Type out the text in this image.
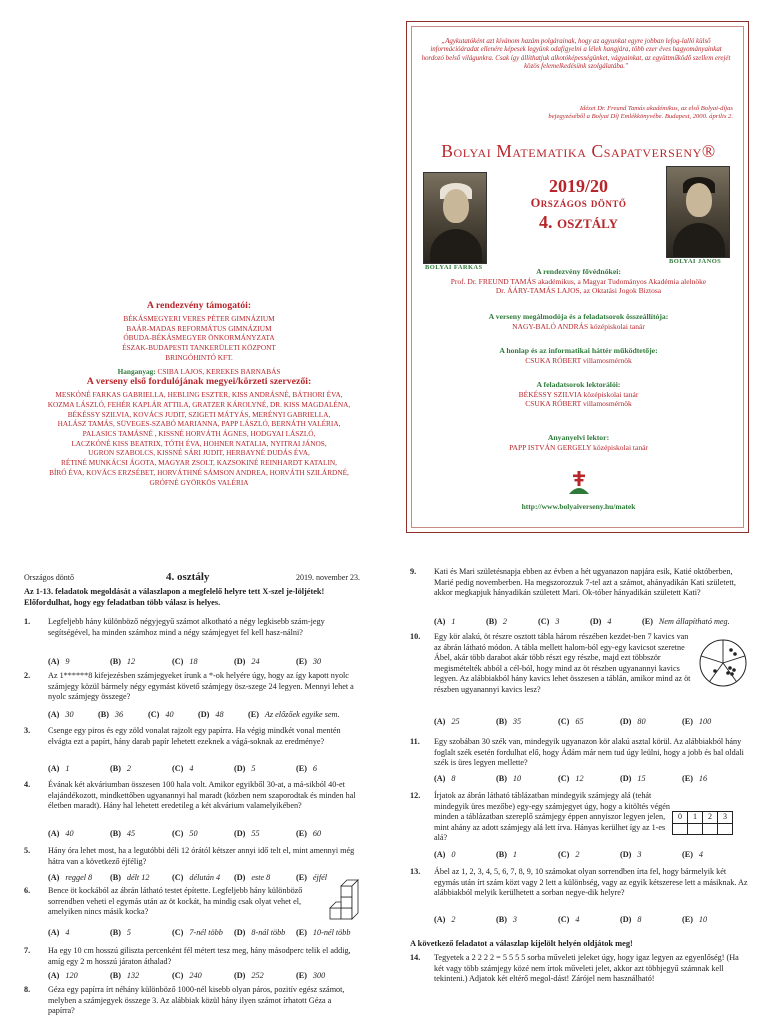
„Agykutatóként azt kívánom hazám polgárainak, hogy az agyunkat egyre jobban lefog-lalló külső információáradat ellenére képesek legyünk odafigyelni a lélek hangjára, több ezer éves hagyományainkat hordozó belső világunkra. Csak így állíthatjuk alkotóképességünket, vágyainkat, az együttműködő szellem erejét közös felemelkedésünk szolgálatába."
Idézet Dr. Freund Tamás akadémikus, az első Bolyai-díjas
bejegyzéséből a Bolyai Díj Emlékkönyvébe. Budapest, 2000. április 2.
Bolyai Matematika Csapatverseny®
BOLYAI FARKAS
2019/20
Országos döntő
4. osztály
BOLYAI JÁNOS
A rendezvény fővédnökei:
Prof. Dr. FREUND TAMÁS akadémikus, a Magyar Tudományos Akadémia alelnöke
Dr. ÁÁRY-TAMÁS LAJOS, az Oktatási Jogok Biztosa
A verseny megálmodója és a feladatsorok összeállítója:
NAGY-BALÓ ANDRÁS középiskolai tanár
A honlap és az informatikai háttér működtetője:
CSUKA RÓBERT villamosmérnök
A feladatsorok lektorálói:
BÉKÉSSY SZILVIA középiskolai tanár
CSUKA RÓBERT villamosmérnök
Anyanyelvi lektor:
PAPP ISTVÁN GERGELY középiskolai tanár
http://www.bolyaiverseny.hu/matek
A rendezvény támogatói:
BÉKÁSMEGYERI VERES PÉTER GIMNÁZIUM
BAÁR-MADAS REFORMÁTUS GIMNÁZIUM
ÓBUDA-BÉKÁSMEGYER ÖNKORMÁNYZATA
ÉSZAK-BUDAPESTI TANKERÜLETI KÖZPONT
BRINGÓHINTÓ KFT.
Hanganyag: CSIBA LAJOS, KEREKES BARNABÁS
A verseny első fordulójának megyei/körzeti szervezői:
MESKÓNÉ FARKAS GABRIELLA, HEBLING ESZTER, KISS ANDRÁSNÉ, BÁTHORI ÉVA,
KOZMA LÁSZLÓ, FEHÉR KAPLÁR ATTILA, GRATZER KÁROLYNÉ, DR. KISS MAGDALÉNA,
BÉKÉSSY SZILVIA, KOVÁCS JUDIT, SZIGETI MÁTYÁS, MERÉNYI GABRIELLA,
HALÁSZ TAMÁS, SÜVEGES-SZABÓ MARIANNA, PAPP LÁSZLÓ, BERNÁTH VALÉRIA,
PALASICS TAMÁSNÉ , KISSNÉ HORVÁTH ÁGNES, HODGYAI LÁSZLÓ,
LACZKÓNÉ KISS BEATRIX, TÓTH ÉVA, HOHNER NATALIA, NYITRAI JÁNOS,
UGRON SZABOLCS, KISSNÉ SÁRI JUDIT, HERBAYNÉ DUDÁS ÉVA,
RÉTINÉ MUNKÁCSI ÁGOTA, MAGYAR ZSOLT, KAZSOKINÉ REINHARDT KATALIN,
BÍRÓ ÉVA, KOVÁCS ERZSÉBET, HORVÁTHNÉ SÁMSON ANDREA, HORVÁTH SZILÁRDNÉ,
GRÓFNÉ GYÖRKÖS VALÉRIA
Országos döntő	4. osztály	2019. november 23.
Az 1-13. feladatok megoldását a válaszlapon a megfelelő helyre tett X-szel je-löljétek! Előfordulhat, hogy egy feladatban több válasz is helyes.
1. Legfeljebb hány különböző négyjegyű számot alkotható a négy legkisebb szám-jegy segítségével, ha minden számhoz mind a négy számjegyet fel kell hasz-nálni?
(A) 9	(B) 12	(C) 18	(D) 24	(E) 30
2. Az 1******8 kifejezésben számjegyeket írunk a *-ok helyére úgy, hogy az így kapott nyolc számjegy közül bármely négy egymást követő számjegy ösz-szege 24 legyen. Mennyi lehet a nyolc számjegy összege?
(A) 30	(B) 36	(C) 40	(D) 48	(E) Az előzőek egyike sem.
3. Csenge egy piros és egy zöld vonalat rajzolt egy papírra. Ha végig mindkét vonal mentén elvágta ezt a papírt, hány darab papír lehetett ezeknek a vágá-soknak az eredménye?
(A) 1	(B) 2	(C) 4	(D) 5	(E) 6
4. Évának két akváriumban összesen 100 hala volt. Amikor egyikből 30-at, a má-sikból 40-et elajándékozott, mindkettőben ugyanannyi hal maradt (közben nem szaporodtak és minden hal életben maradt). Hány hal lehetett eredetileg a két akvárium valamelyikében?
(A) 40	(B) 45	(C) 50	(D) 55	(E) 60
5. Hány óra lehet most, ha a legutóbbi déli 12 órától kétszer annyi idő telt el, mint amennyi még hátra van a következő éjfélig?
(A) reggel 8 (B) délt 12	(C) délután 4 (D) este 8	(E) éjfél
6. Bence öt kockából az ábrán látható testet építette. Legfeljebb hány különböző sorrendben veheti el egymás után az öt kockát, ha mindig csak olyat vehet el, amelyiken nincs másik kocka?
(A) 4	(B) 5	(C) 7-nél több (D) 8-nál több (E) 10-nél több
7. Ha egy 10 cm hosszú giliszta percenként fél métert tesz meg, hány másodperc telik el addig, amíg egy 2 m hosszú járaton áthalad?
(A) 120	(B) 132	(C) 240	(D) 252	(E) 300
8. Géza egy papírra írt néhány különböző 1000-nél kisebb olyan páros, pozitív egész számot, melyben a számjegyek összege 3. Az alábbiak közül hány ilyen számot írhatott Géza a papírra?
9. Kati és Mari születésnapja ebben az évben a hét ugyanazon napjára esik, Katié októberben, Marié pedig novemberben. Ha megszorozzuk 7-tel azt a számot, ahányadikán Kati született, akkor megkapjuk hányadikán született Mari. Ok-tóber hányadikán született Kati?
(A) 1	(B) 2	(C) 3	(D) 4	(E) Nem állapítható meg.
10. Egy kör alakú, öt részre osztott tábla három részében kezdet-ben 7 kavics van az ábrán látható módon. A tábla mellett halom-ból egy-egy kavicsot szeretne Ábel, akár több darabot akár több részt egy részbe, majd ezt többször megismételték abból a cél-ból, hogy mind az öt részben ugyanannyi kavics legyen. Az alábbiakból hány kavics lehet összesen a táblán, amikor mind az öt részben ugyanannyi kavics lesz?
(A) 25	(B) 35	(C) 65	(D) 80	(E) 100
11. Egy szobában 30 szék van, mindegyik ugyanazon kör alakú asztal körül. Az alábbiakból hány foglalt szék esetén fordulhat elő, hogy Ádám már nem tud úgy leülni, hogy a jobb és bal oldali szék is üres legyen mellette?
(A) 8	(B) 10	(C) 12	(D) 15	(E) 16
12. Írjatok az ábrán látható táblázatban mindegyik számjegy alá (tehát mindegyik üres mezőbe) egy-egy számjegyet úgy, hogy a kitöltés végén minden a táblázatban szereplő számjegy éppen annyiszor legyen jelen, mint ahány az adott számjegy alá lett írva. Hányas kerülhet így az 1-es alá?
0	1	2	3

(A) 0	(B) 1	(C) 2	(D) 3	(E) 4
13. Ábel az 1, 2, 3, 4, 5, 6, 7, 8, 9, 10 számokat olyan sorrendben írta fel, hogy bármelyik két egymás után írt szám közt vagy 2 lett a különbség, vagy az egyik kétszerese lett a másiknak. Az alábbiakból melyik kerülhetett a sorban negye-dik helyre?
(A) 2	(B) 3	(C) 4	(D) 8	(E) 10
A következő feladatot a válaszlap kijelölt helyén oldjátok meg!
14. Tegyetek a 2 2 2 2 = 5 5 5 5 sorba műveleti jeleket úgy, hogy igaz legyen az egyenlőség! (Ha két vagy több számjegy közé nem írtok műveleti jelet, akkor azt többjegyű számnak kell tekinteni.) Adjatok két eltérő megol-dást! Zárójel nem használható!
